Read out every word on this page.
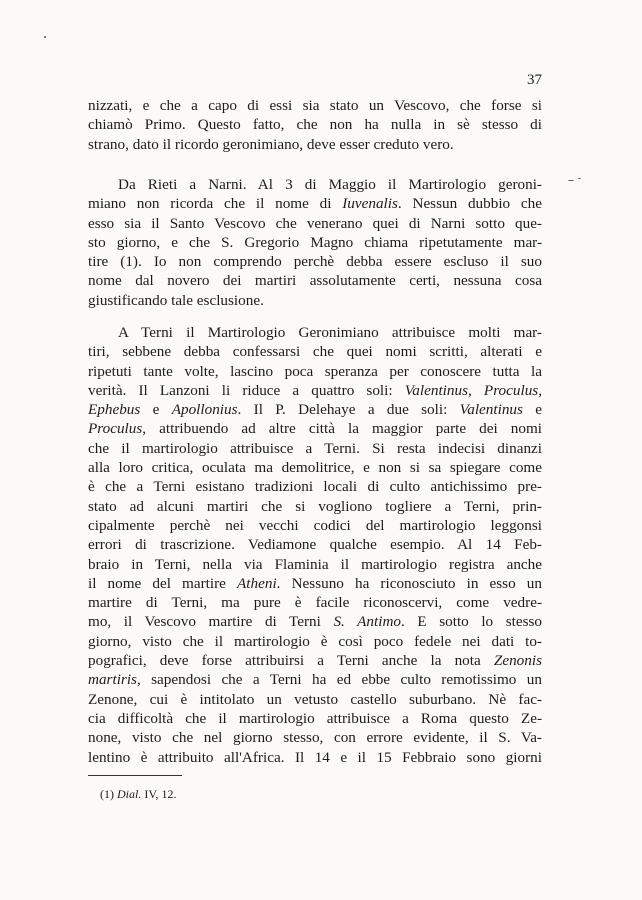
37
nizzati, e che a capo di essi sia stato un Vescovo, che forse si
chiamò Primo. Questo fatto, che non ha nulla in sè stesso di
strano, dato il ricordo geronimiano, deve esser creduto vero.
Da Rieti a Narni. Al 3 di Maggio il Martirologio geroni-
miano non ricorda che il nome di Iuvenalis. Nessun dubbio che
esso sia il Santo Vescovo che venerano quei di Narni sotto que-
sto giorno, e che S. Gregorio Magno chiama ripetutamente mar-
tire (1). Io non comprendo perchè debba essere escluso il suo
nome dal novero dei martiri assolutamente certi, nessuna cosa
giustificando tale esclusione.
A Terni il Martirologio Geronimiano attribuisce molti mar-
tiri, sebbene debba confessarsi che quei nomi scritti, alterati e
ripetuti tante volte, lascino poca speranza per conoscere tutta la
verità. Il Lanzoni li riduce a quattro soli: Valentinus, Proculus,
Ephebus e Apollonius. Il P. Delehaye a due soli: Valentinus e
Proculus, attribuendo ad altre città la maggior parte dei nomi
che il martirologio attribuisce a Terni. Si resta indecisi dinanzi
alla loro critica, oculata ma demolitrice, e non si sa spiegare come
è che a Terni esistano tradizioni locali di culto antichissimo pre-
stato ad alcuni martiri che si vogliono togliere a Terni, prin-
cipalmente perchè nei vecchi codici del martirologio leggonsi
errori di trascrizione. Vediamone qualche esempio. Al 14 Feb-
braio in Terni, nella via Flaminia il martirologio registra anche
il nome del martire Atheni. Nessuno ha riconosciuto in esso un
martire di Terni, ma pure è facile riconoscervi, come vedre-
mo, il Vescovo martire di Terni S. Antimo. E sotto lo stesso
giorno, visto che il martirologio è così poco fedele nei dati to-
pografici, deve forse attribuirsi a Terni anche la nota Zenonis
martiris, sapendosi che a Terni ha ed ebbe culto remotissimo un
Zenone, cui è intitolato un vetusto castello suburbano. Nè fac-
cia difficoltà che il martirologio attribuisce a Roma questo Ze-
none, visto che nel giorno stesso, con errore evidente, il S. Va-
lentino è attribuito all'Africa. Il 14 e il 15 Febbraio sono giorni
(1) Dial. IV, 12.
